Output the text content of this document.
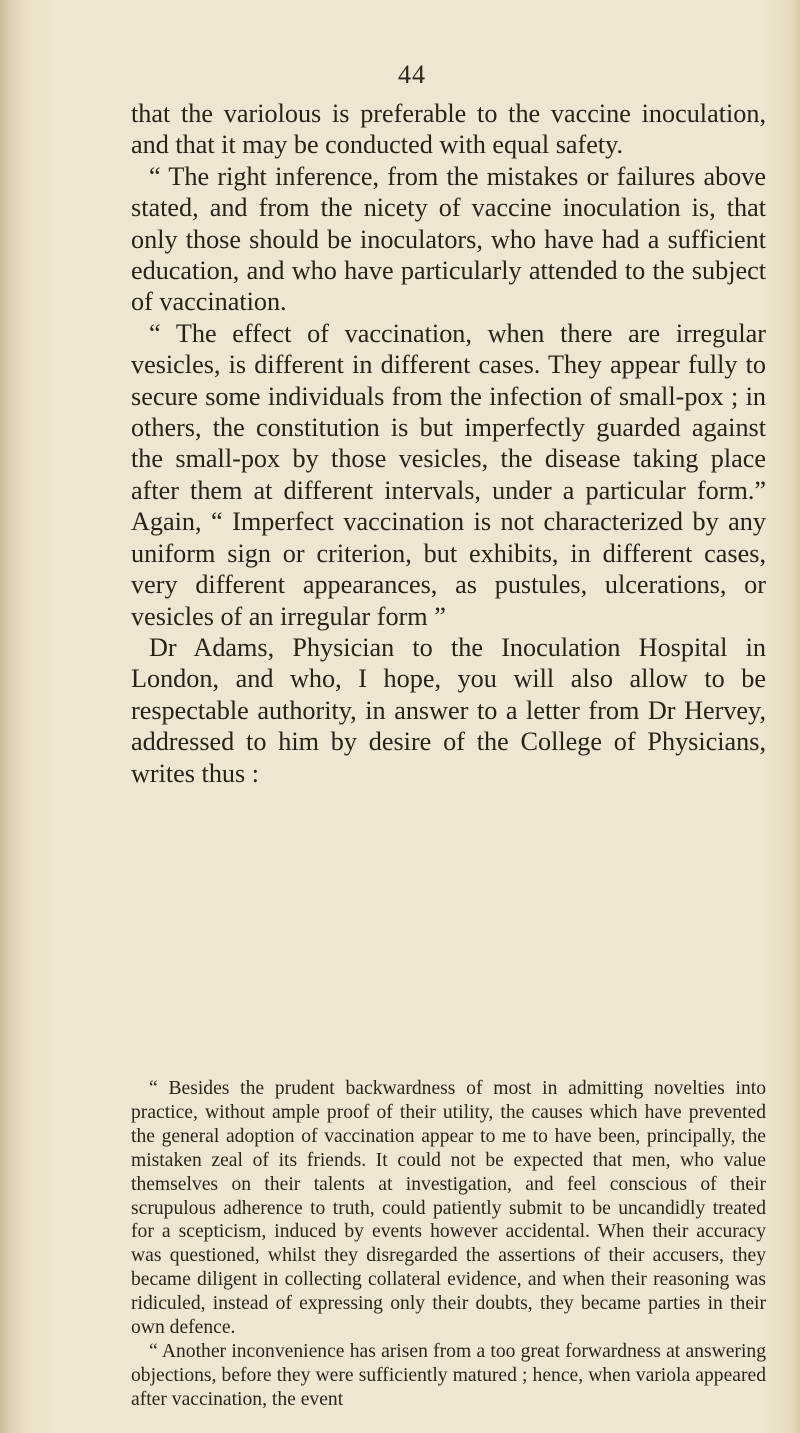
44

that the variolous is preferable to the vaccine inoculation, and that it may be conducted with equal safety.

“ The right inference, from the mistakes or failures above stated, and from the nicety of vaccine inoculation is, that only those should be inoculators, who have had a sufficient education, and who have particularly attended to the subject of vaccination.

“ The effect of vaccination, when there are irregular vesicles, is different in different cases. They appear fully to secure some individuals from the infection of small-pox ; in others, the constitution is but imperfectly guarded against the small-pox by those vesicles, the disease taking place after them at different intervals, under a particular form.” Again, “ Imperfect vaccination is not characterized by any uniform sign or criterion, but exhibits, in different cases, very different appearances, as pustules, ulcerations, or vesicles of an irregular form ”

Dr Adams, Physician to the Inoculation Hospital in London, and who, I hope, you will also allow to be respectable authority, in answer to a letter from Dr Hervey, addressed to him by desire of the College of Physicians, writes thus :

“ Besides the prudent backwardness of most in admitting novelties into practice, without ample proof of their utility, the causes which have prevented the general adoption of vaccination appear to me to have been, principally, the mistaken zeal of its friends. It could not be expected that men, who value themselves on their talents at investigation, and feel conscious of their scrupulous adherence to truth, could patiently submit to be uncandidly treated for a scepticism, induced by events however accidental. When their accuracy was questioned, whilst they disregarded the assertions of their accusers, they became diligent in collecting collateral evidence, and when their reasoning was ridiculed, instead of expressing only their doubts, they became parties in their own defence.

“ Another inconvenience has arisen from a too great forwardness at answering objections, before they were sufficiently matured ; hence, when variola appeared after vaccination, the event
